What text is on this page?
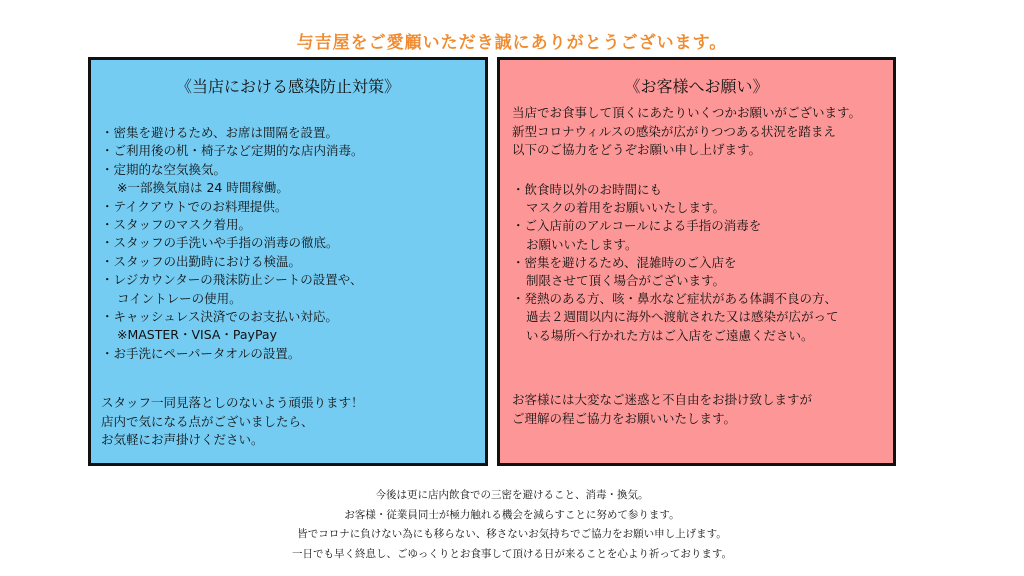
与吉屋をご愛顧いただき誠にありがとうございます。
《当店における感染防止対策》
・密集を避けるため、お席は間隔を設置。
・ご利用後の机・椅子など定期的な店内消毒。
・定期的な空気換気。
※一部換気扇は 24 時間稼働。
・テイクアウトでのお料理提供。
・スタッフのマスク着用。
・スタッフの手洗いや手指の消毒の徹底。
・スタッフの出勤時における検温。
・レジカウンターの飛沫防止シートの設置や、
コイントレーの使用。
・キャッシュレス決済でのお支払い対応。
※MASTER・VISA・PayPay
・お手洗にペーパータオルの設置。

スタッフ一同見落としのないよう頑張ります！
店内で気になる点がございましたら、
お気軽にお声掛けください。

《お客様へお願い》

当店でお食事して頂くにあたりいくつかお願いがございます。
新型コロナウィルスの感染が広がりつつある状況を踏まえ
以下のご協力をどうぞお願い申し上げます。

・飲食時以外のお時間にも
マスクの着用をお願いいたします。
・ご入店前のアルコールによる手指の消毒を
お願いいたします。
・密集を避けるため、混雑時のご入店を
制限させて頂く場合がございます。
・発熱のある方、咳・鼻水など症状がある体調不良の方、
過去２週間以内に海外へ渡航された又は感染が広がって
いる場所へ行かれた方はご入店をご遠慮ください。

お客様には大変なご迷惑と不自由をお掛け致しますが
ご理解の程ご協力をお願いいたします。

今後は更に店内飲食での三密を避けること、消毒・換気。
お客様・従業員同士が極力触れる機会を減らすことに努めて参ります。
皆でコロナに負けない為にも移らない、移さないお気持ちでご協力をお願い申し上げます。
一日でも早く終息し、ごゆっくりとお食事して頂ける日が来ることを心より祈っております。
